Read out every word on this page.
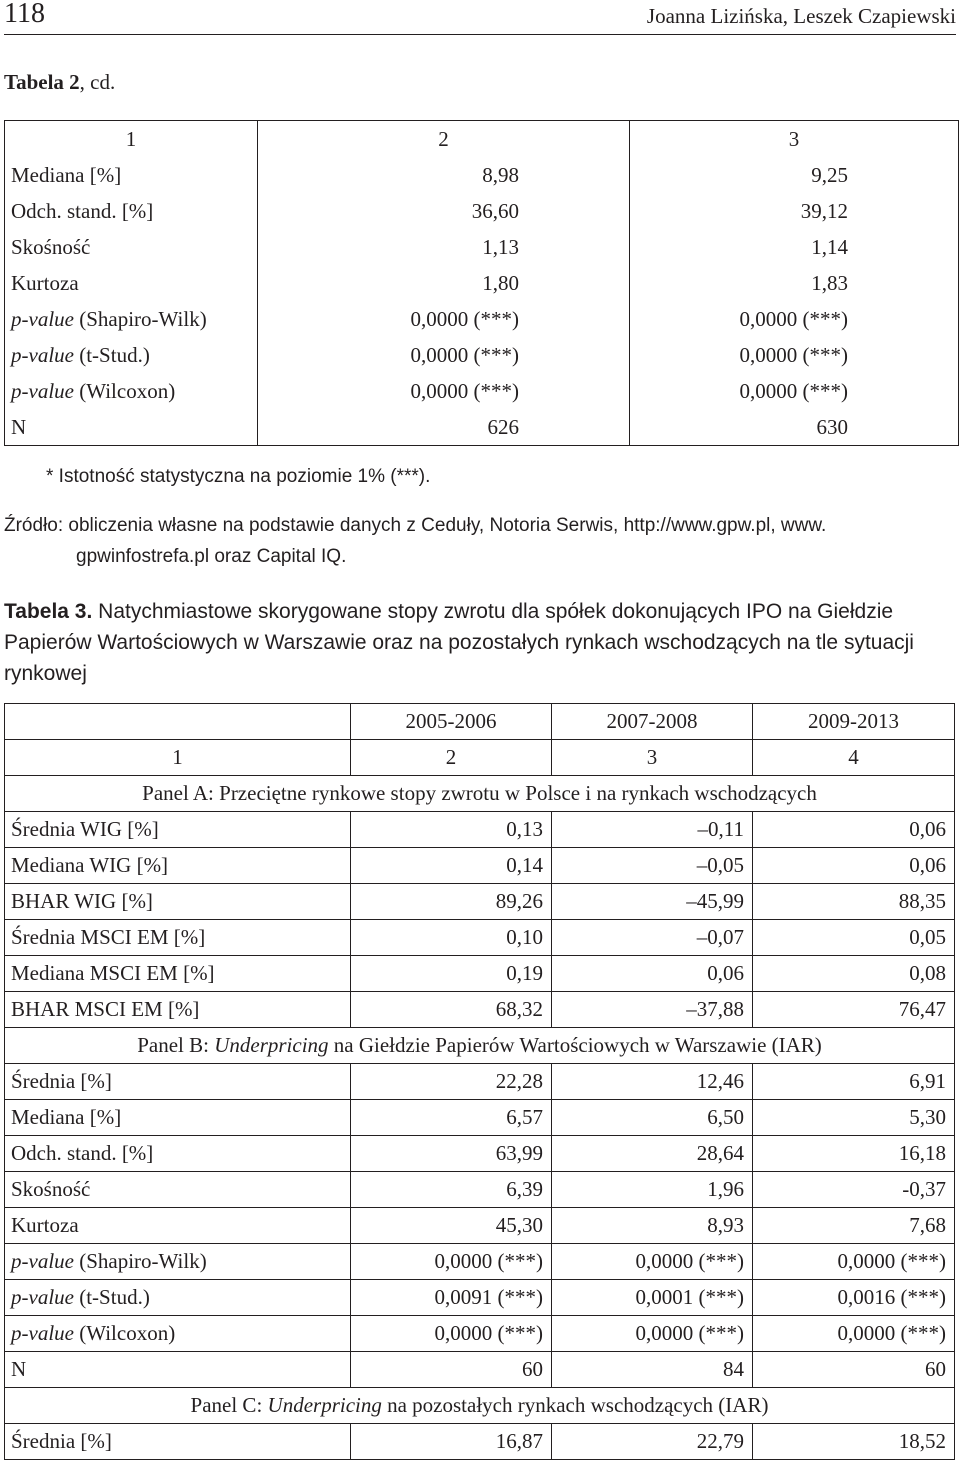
118	Joanna Lizińska, Leszek Czapiewski
Tabela 2, cd.
1	2	3
Mediana [%]	8,98	9,25
Odch. stand. [%]	36,60	39,12
Skośność	1,13	1,14
Kurtoza	1,80	1,83
p-value (Shapiro-Wilk)	0,0000 (***)	0,0000 (***)
p-value (t-Stud.)	0,0000 (***)	0,0000 (***)
p-value (Wilcoxon)	0,0000 (***)	0,0000 (***)
N	626	630
* Istotność statystyczna na poziomie 1% (***).
Źródło: obliczenia własne na podstawie danych z Ceduły, Notoria Serwis, http://www.gpw.pl, www.
gpwinfostrefa.pl oraz Capital IQ.
Tabela 3. Natychmiastowe skorygowane stopy zwrotu dla spółek dokonujących IPO na Giełdzie Papierów Wartościowych w Warszawie oraz na pozostałych rynkach wschodzących na tle sytuacji rynkowej
	2005-2006	2007-2008	2009-2013
1	2	3	4
Panel A: Przeciętne rynkowe stopy zwrotu w Polsce i na rynkach wschodzących			
Średnia WIG [%]	0,13	–0,11	0,06
Mediana WIG [%]	0,14	–0,05	0,06
BHAR WIG [%]	89,26	–45,99	88,35
Średnia MSCI EM [%]	0,10	–0,07	0,05
Mediana MSCI EM [%]	0,19	0,06	0,08
BHAR MSCI EM [%]	68,32	–37,88	76,47
Panel B: Underpricing na Giełdzie Papierów Wartościowych w Warszawie (IAR)			
Średnia [%]	22,28	12,46	6,91
Mediana [%]	6,57	6,50	5,30
Odch. stand. [%]	63,99	28,64	16,18
Skośność	6,39	1,96	-0,37
Kurtoza	45,30	8,93	7,68
p-value (Shapiro-Wilk)	0,0000 (***)	0,0000 (***)	0,0000 (***)
p-value (t-Stud.)	0,0091 (***)	0,0001 (***)	0,0016 (***)
p-value (Wilcoxon)	0,0000 (***)	0,0000 (***)	0,0000 (***)
N	60	84	60
Panel C: Underpricing na pozostałych rynkach wschodzących (IAR)			
Średnia [%]	16,87	22,79	18,52
